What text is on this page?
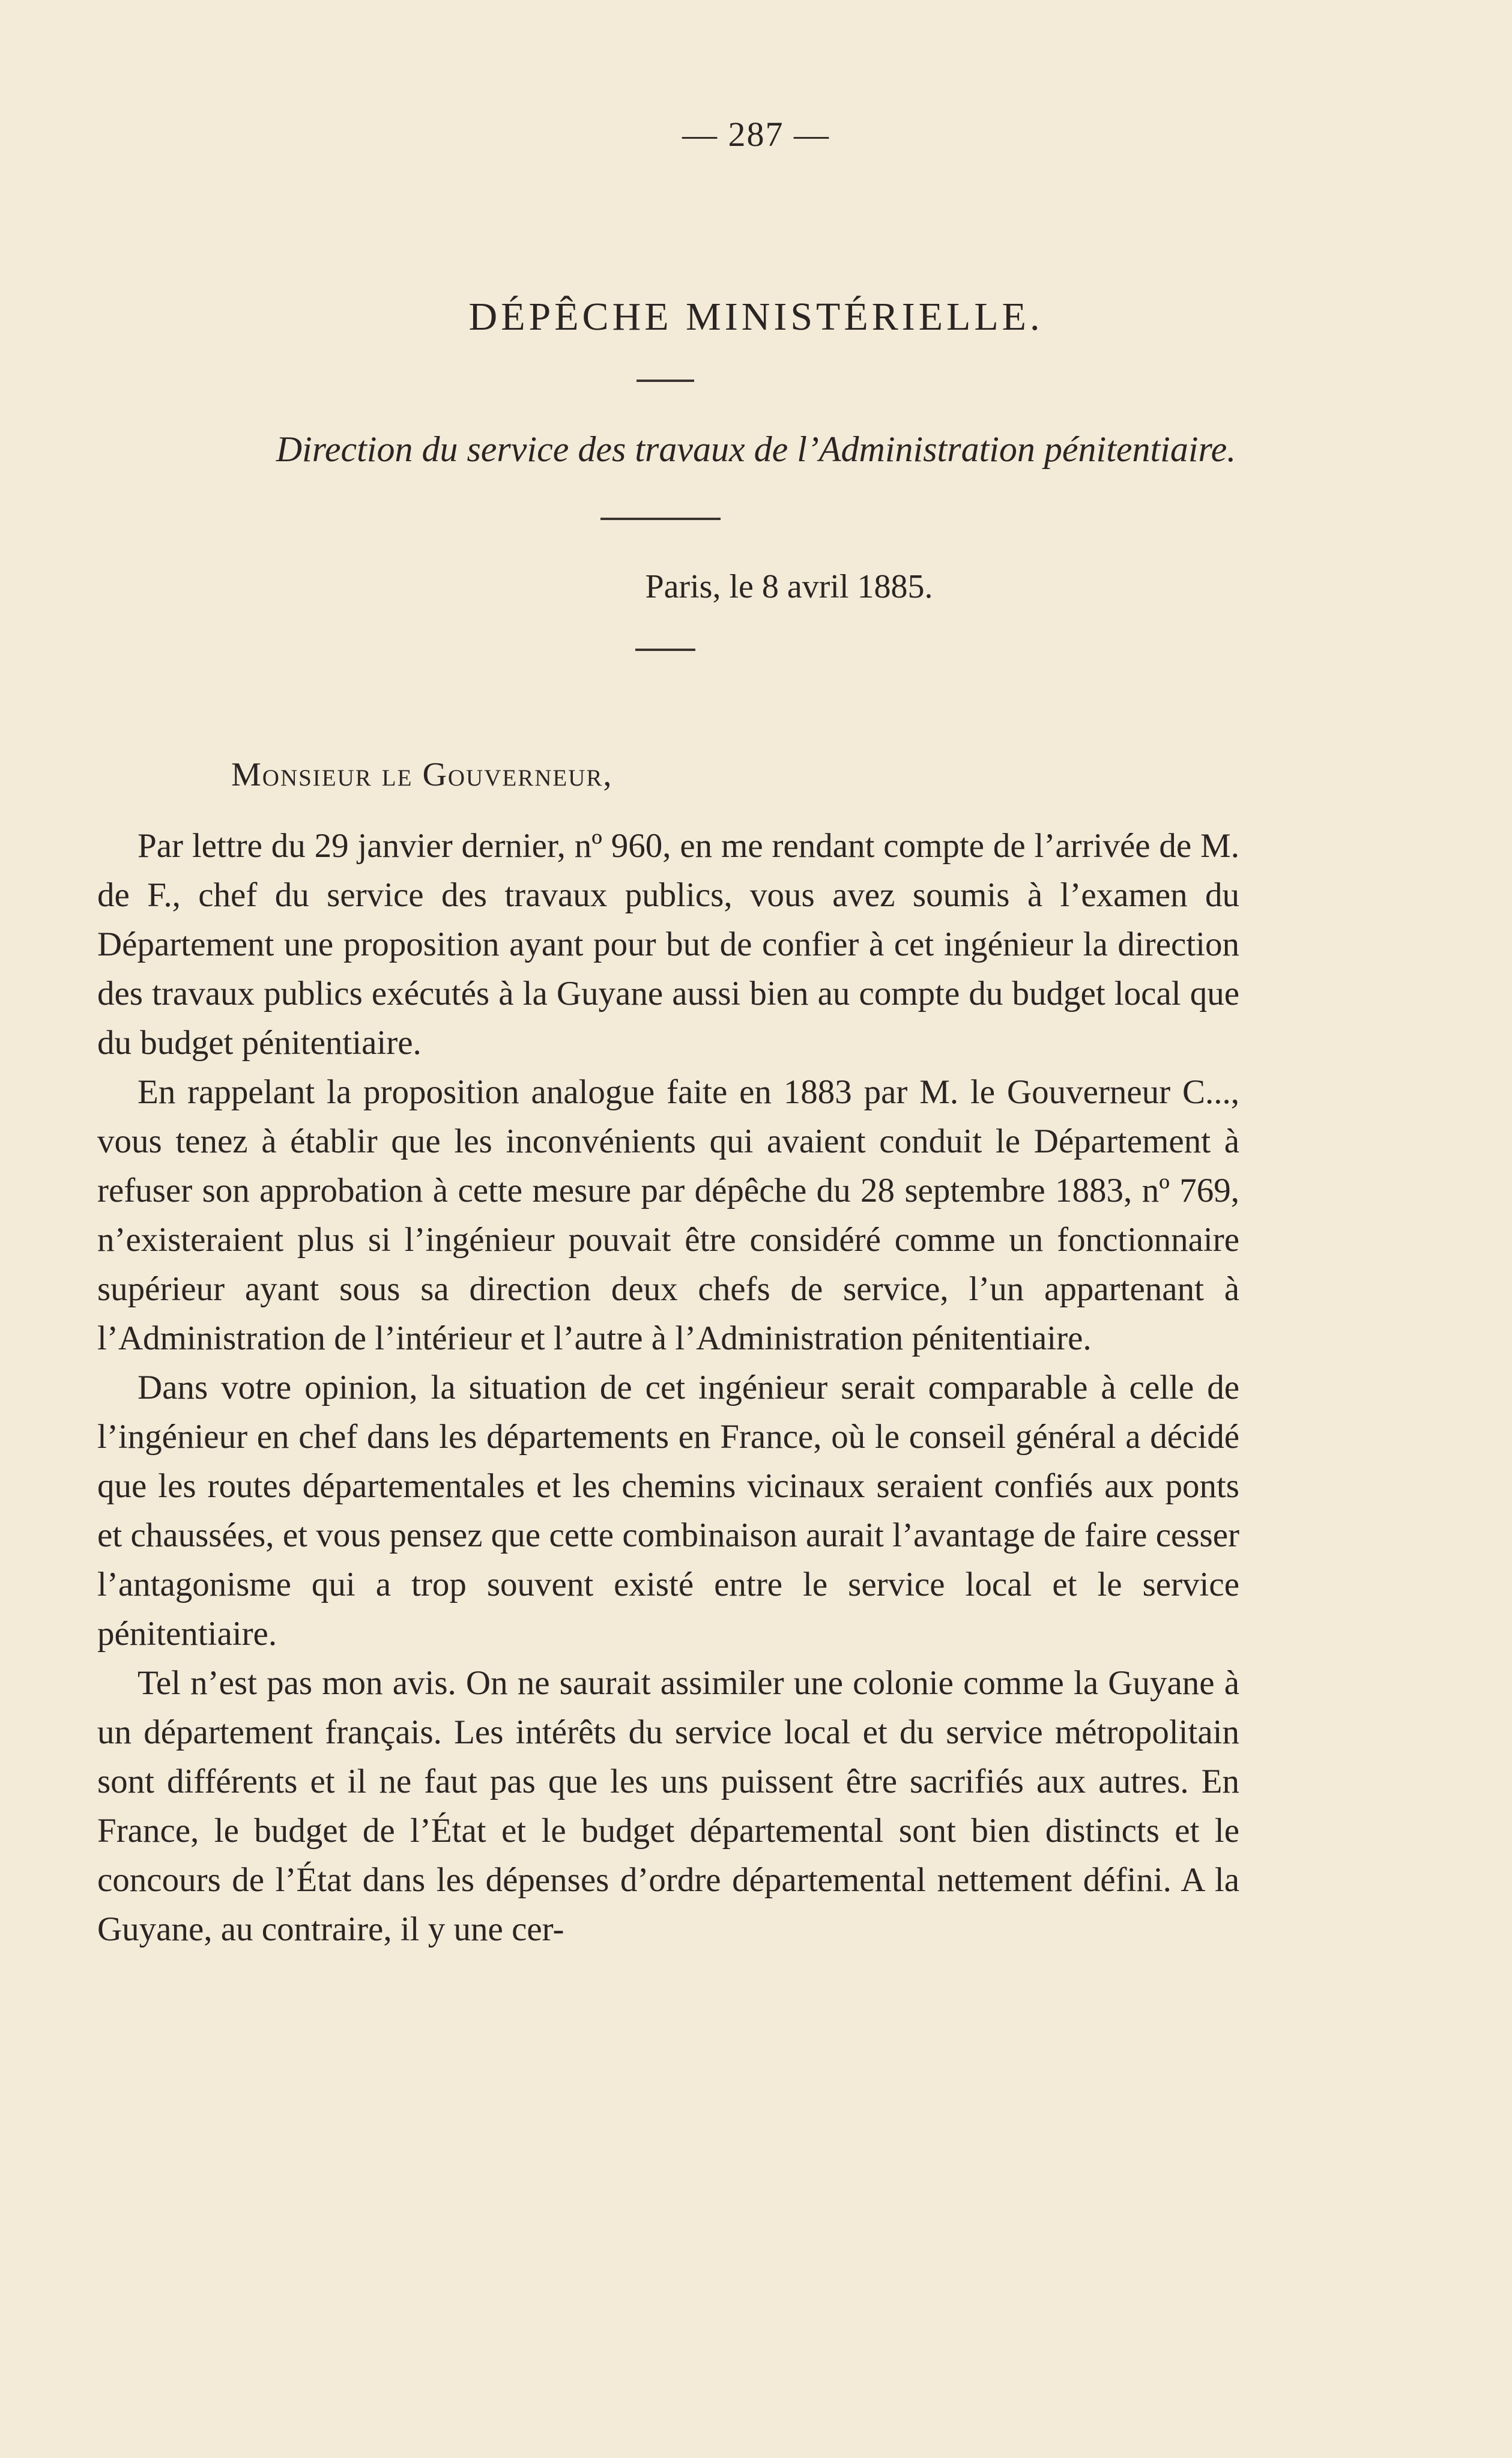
— 287 —
DÉPÊCHE MINISTÉRIELLE.
Direction du service des travaux de l’Administration pénitentiaire.
Paris, le 8 avril 1885.
Monsieur le Gouverneur,

Par lettre du 29 janvier dernier, nº 960, en me rendant compte de l’arrivée de M. de F., chef du service des travaux publics, vous avez soumis à l’examen du Département une proposition ayant pour but de confier à cet ingénieur la direction des travaux publics exécutés à la Guyane aussi bien au compte du budget local que du budget pénitentiaire.

En rappelant la proposition analogue faite en 1883 par M. le Gouverneur C..., vous tenez à établir que les inconvénients qui avaient conduit le Département à refuser son approbation à cette mesure par dépêche du 28 septembre 1883, nº 769, n’existeraient plus si l’ingénieur pouvait être considéré comme un fonctionnaire supérieur ayant sous sa direction deux chefs de service, l’un appartenant à l’Administration de l’intérieur et l’autre à l’Administration pénitentiaire.

Dans votre opinion, la situation de cet ingénieur serait comparable à celle de l’ingénieur en chef dans les départements en France, où le conseil général a décidé que les routes départementales et les chemins vicinaux seraient confiés aux ponts et chaussées, et vous pensez que cette combinaison aurait l’avantage de faire cesser l’antagonisme qui a trop souvent existé entre le service local et le service pénitentiaire.

Tel n’est pas mon avis. On ne saurait assimiler une colonie comme la Guyane à un département français. Les intérêts du service local et du service métropolitain sont différents et il ne faut pas que les uns puissent être sacrifiés aux autres. En France, le budget de l’État et le budget départemental sont bien distincts et le concours de l’État dans les dépenses d’ordre départemental nettement défini. A la Guyane, au contraire, il y une cer-
